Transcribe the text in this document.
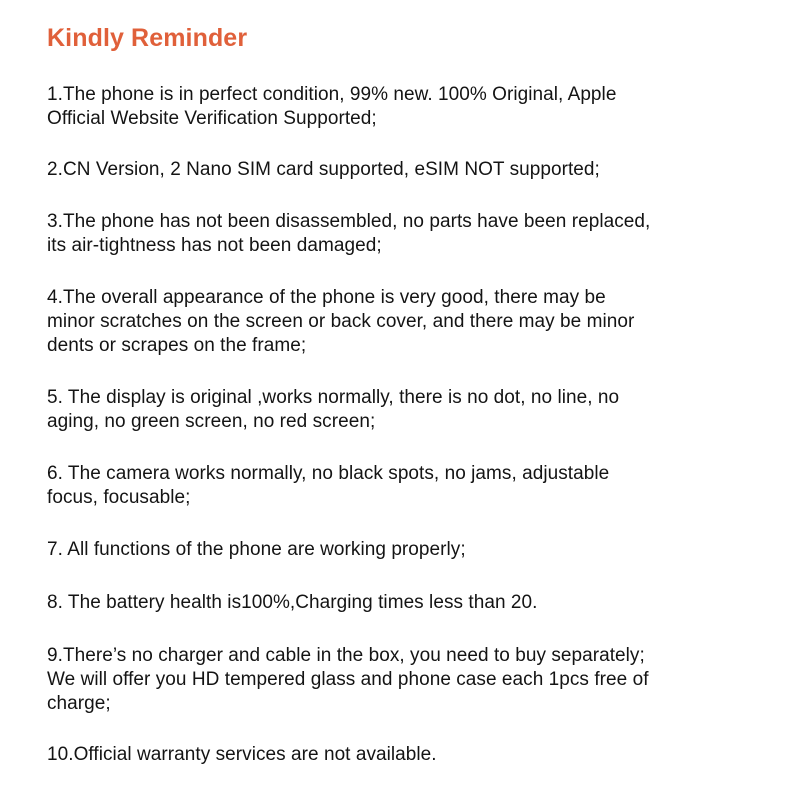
Kindly Reminder
1.The phone is in perfect condition, 99% new. 100% Original, Apple
Official Website Verification Supported;
2.CN Version, 2 Nano SIM card supported, eSIM NOT supported;
3.The phone has not been disassembled, no parts have been replaced,
its air-tightness has not been damaged;
4.The overall appearance of the phone is very good, there may be
minor scratches on the screen or back cover, and there may be minor
dents or scrapes on the frame;
5. The display is original ,works normally, there is no dot, no line, no
aging, no green screen, no red screen;
6. The camera works normally, no black spots, no jams, adjustable
focus, focusable;
7. All functions of the phone are working properly;
8. The battery health is100%,Charging times less than 20.
9.There’s no charger and cable in the box, you need to buy separately;
We will offer you HD tempered glass and phone case each 1pcs free of
charge;
10.Official warranty services are not available.
